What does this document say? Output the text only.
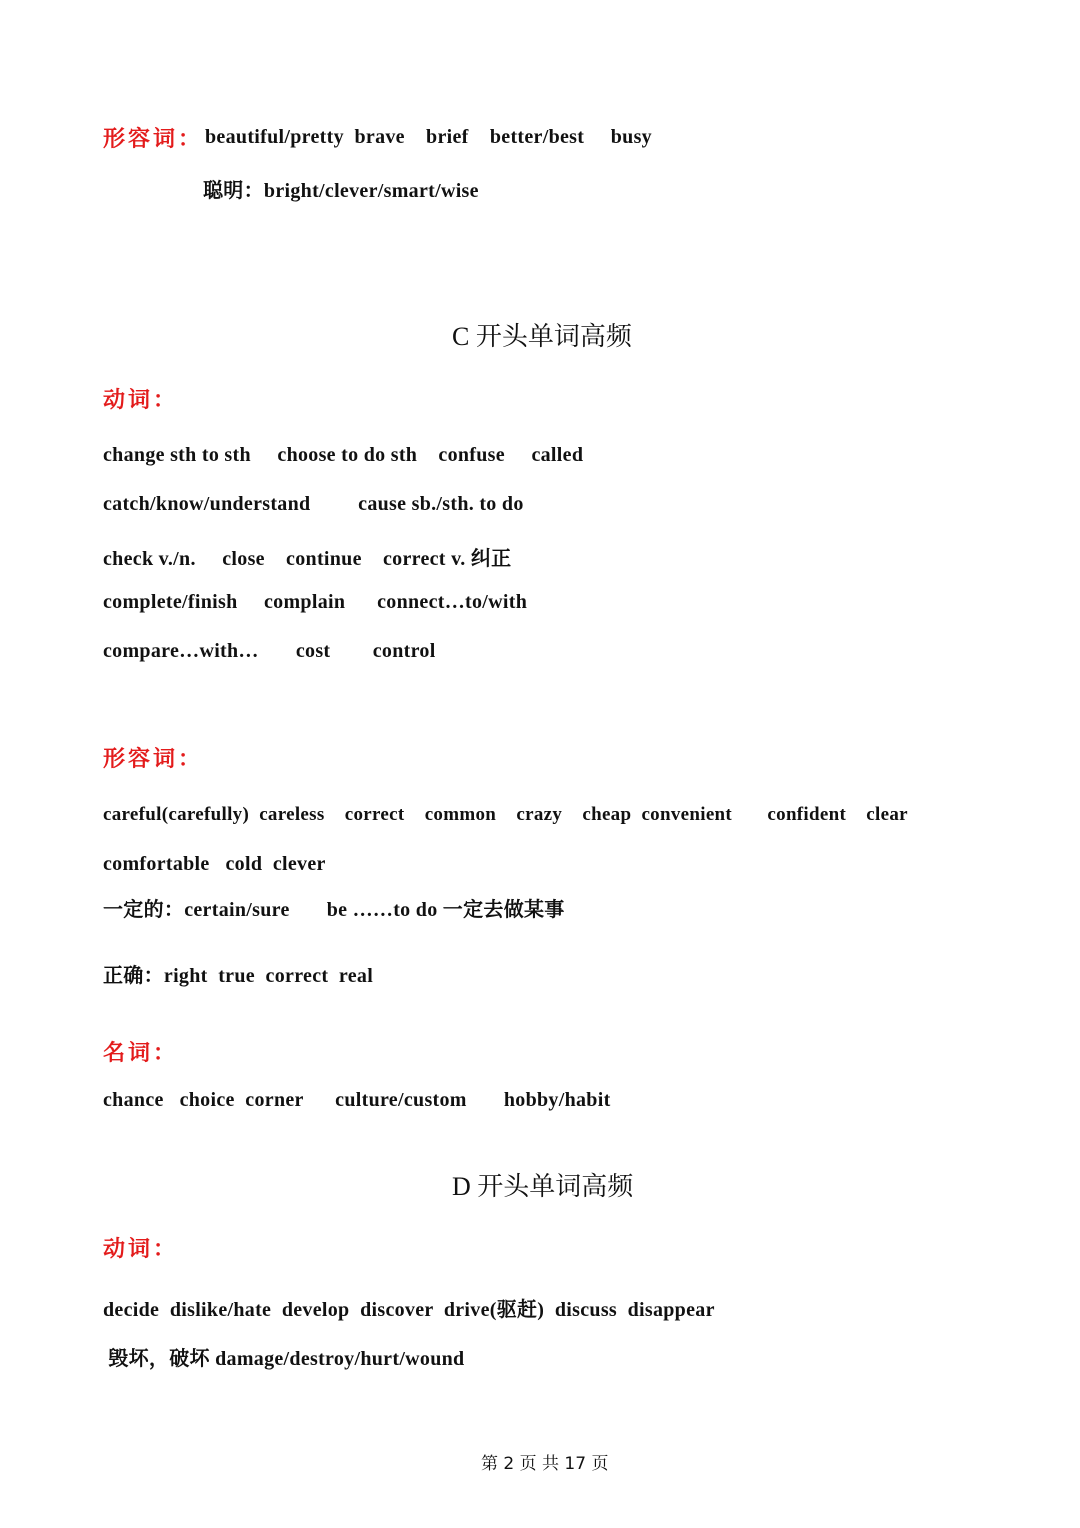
形容词： beautiful/pretty  brave    brief    better/best     busy
聪明：bright/clever/smart/wise
C 开头单词高频
动词：
change sth to sth     choose to do sth    confuse     called
catch/know/understand         cause sb./sth. to do
check v./n.     close    continue    correct v. 纠正
complete/finish     complain      connect…to/with
compare…with…       cost        control
形容词：
careful(carefully)  careless    correct    common    crazy    cheap  convenient       confident    clear
comfortable   cold  clever
一定的：certain/sure       be ……to do 一定去做某事
正确：right  true  correct  real
名词：
chance   choice  corner      culture/custom       hobby/habit
D 开头单词高频
动词：
decide  dislike/hate  develop  discover  drive(驱赶)  discuss  disappear
毁坏，破坏 damage/destroy/hurt/wound
第 2 页 共 17 页
